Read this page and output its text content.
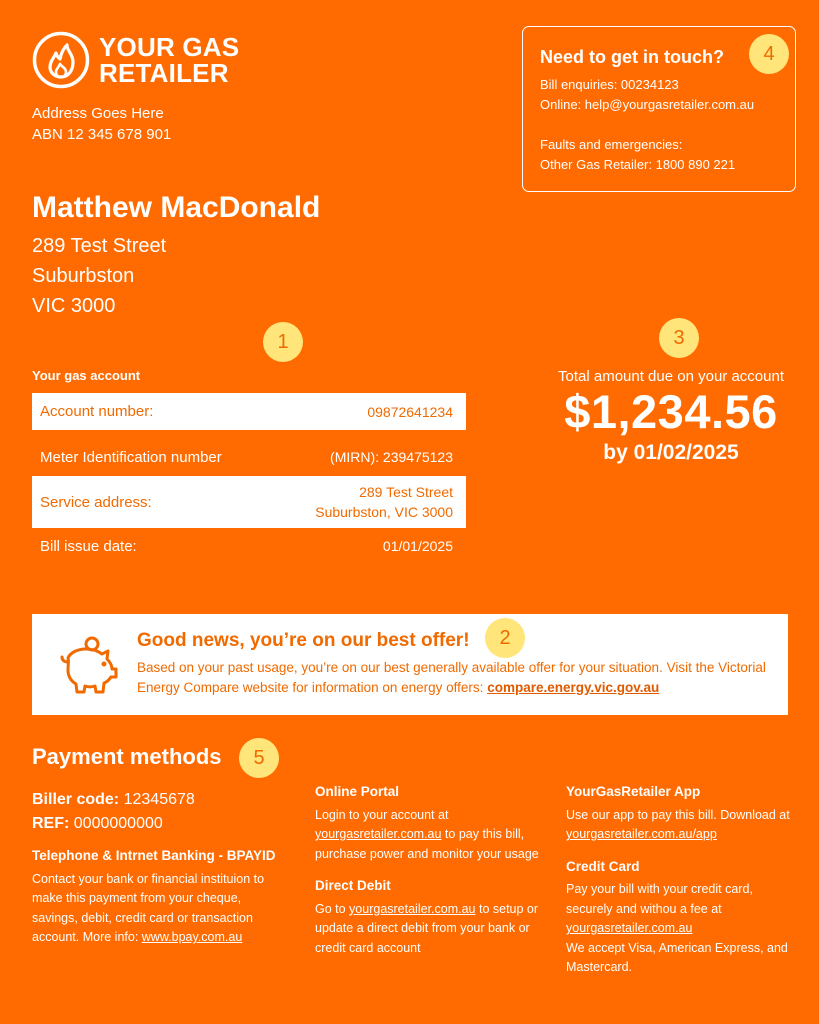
YOUR GAS
RETAILER
Address Goes Here
ABN 12 345 678 901
Need to get in touch?

Bill enquiries: 00234123

Online: help@yourgasretailer.com.au

Faults and emergencies:

Other Gas Retailer: 1800 890 221

4
Matthew MacDonald
289 Test Street
Suburbston
VIC 3000
1
Your gas account
Account number:	09872641234
Meter Identification number	(MIRN): 239475123
Service address:
289 Test Street
Suburbston, VIC 3000
Bill issue date:	01/01/2025
3
Total amount due on your account
$1,234.56
by 01/02/2025
Good news, you’re on our best offer!
Based on your past usage, you’re on our best generally available offer for your situation. Visit the Victorial Energy Compare website for information on energy offers: compare.energy.vic.gov.au
2
Payment methods	5
Biller code: 12345678
REF: 0000000000
Telephone & Intrnet Banking - BPAYID
Contact your bank or financial instituion to make this payment from your cheque, savings, debit, credit card or transaction account. More info: www.bpay.com.au
Online Portal
Login to your account at yourgasretailer.com.au to pay this bill, purchase power and monitor your usage
Direct Debit
Go to yourgasretailer.com.au to setup or update a direct debit from your bank or credit card account
YourGasRetailer App
Use our app to pay this bill. Download at yourgasretailer.com.au/app
Credit Card
Pay your bill with your credit card, securely and withou a fee at yourgasretailer.com.au
We accept Visa, American Express, and Mastercard.
